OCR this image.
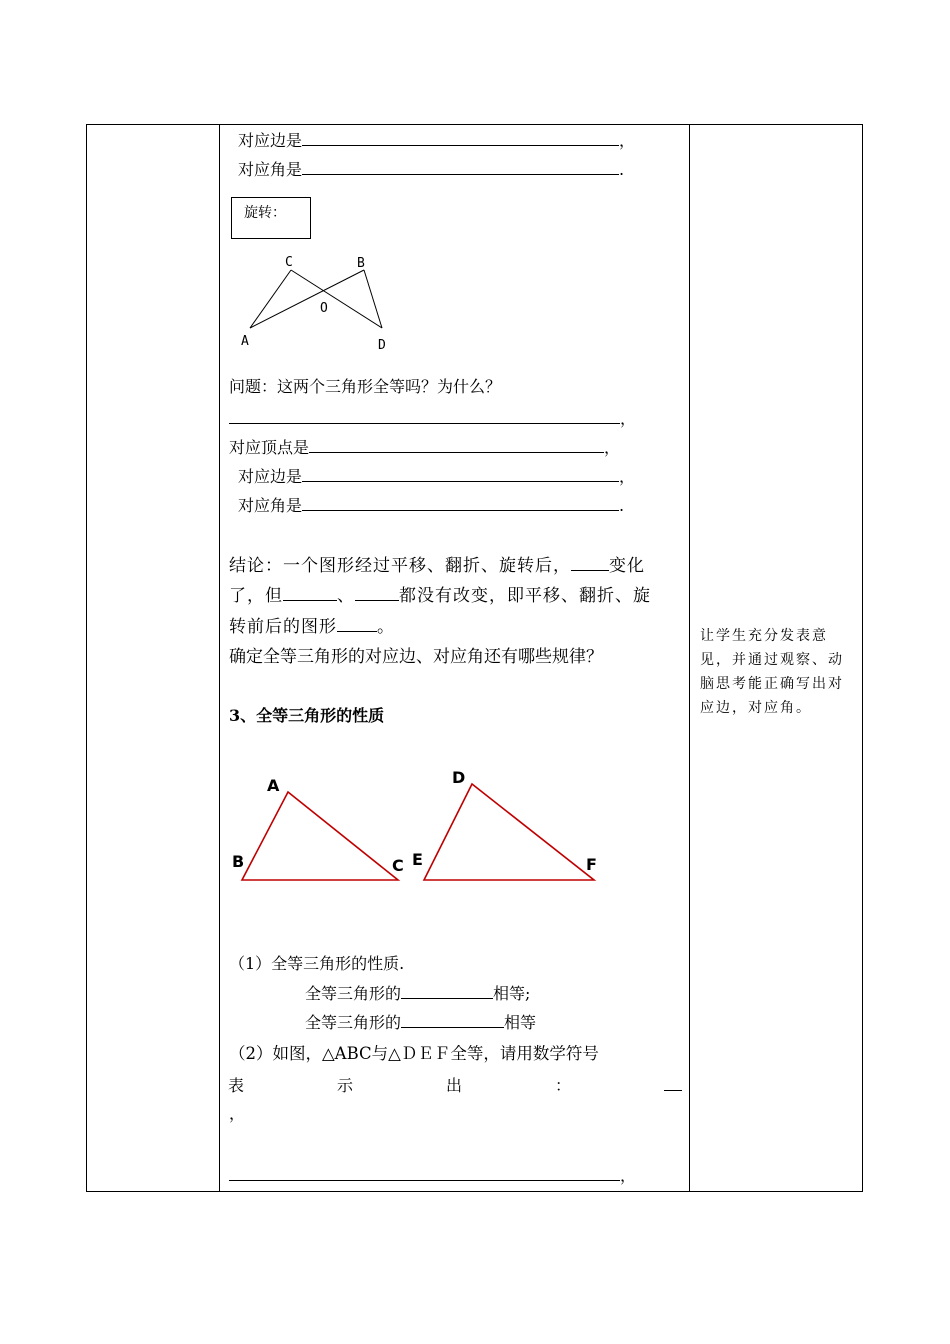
对应边是	，
对应角是	.
旋转：
C	B
O
A	D
问题：这两个三角形全等吗？为什么？
，
对应顶点是	，
对应边是	，
对应角是	.
结论：一个图形经过平移、翻折、旋转后， 变化
了，但	、	都没有改变，即平移、翻折、旋
转前后的图形 。
确定全等三角形的对应边、对应角还有哪些规律？
3、全等三角形的性质
A
B	C
D
E	F
（1）全等三角形的性质.
全等三角形的	相等;
全等三角形的	相等
（2）如图，△ABC与△ＤＥＦ全等，请用数学符号
表	示	出	：
，
，
让学生充分发表意见，并通过观察、动脑思考能正确写出对应边，对应角。
